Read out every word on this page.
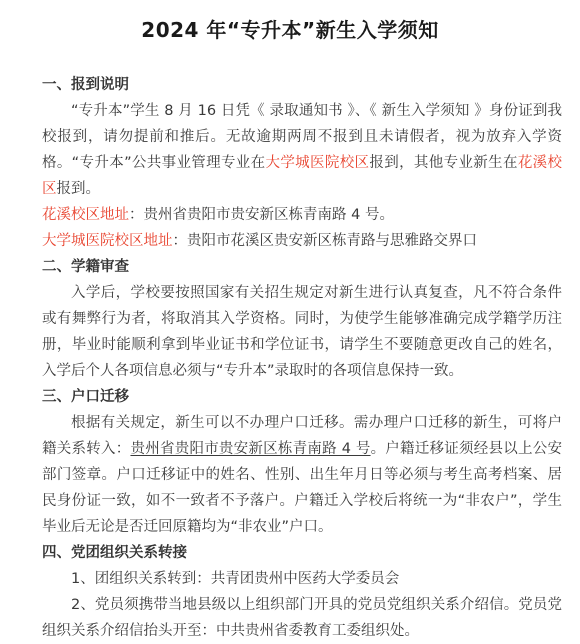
2024 年“专升本”新生入学须知
一、报到说明

“专升本”学生 8 月 16 日凭《 录取通知书 》、《 新生入学须知 》身份证到我校报到，请勿提前和推后。无故逾期两周不报到且未请假者，视为放弃入学资格。“专升本”公共事业管理专业在大学城医院校区报到，其他专业新生在花溪校区报到。

花溪校区地址：贵州省贵阳市贵安新区栋青南路 4 号。

大学城医院校区地址：贵阳市花溪区贵安新区栋青路与思雅路交界口

二、学籍审查

入学后，学校要按照国家有关招生规定对新生进行认真复查，凡不符合条件或有舞弊行为者，将取消其入学资格。同时，为使学生能够准确完成学籍学历注册，毕业时能顺利拿到毕业证书和学位证书，请学生不要随意更改自己的姓名，入学后个人各项信息必须与“专升本”录取时的各项信息保持一致。

三、户口迁移

根据有关规定，新生可以不办理户口迁移。需办理户口迁移的新生，可将户籍关系转入：贵州省贵阳市贵安新区栋青南路 4 号。户籍迁移证须经县以上公安部门签章。户口迁移证中的姓名、性别、出生年月日等必须与考生高考档案、居民身份证一致，如不一致者不予落户。户籍迁入学校后将统一为“非农户”，学生毕业后无论是否迁回原籍均为“非农业”户口。

四、党团组织关系转接

1、团组织关系转到：共青团贵州中医药大学委员会

2、党员须携带当地县级以上组织部门开具的党员党组织关系介绍信。党员党组织关系介绍信抬头开至：中共贵州省委教育工委组织处。
